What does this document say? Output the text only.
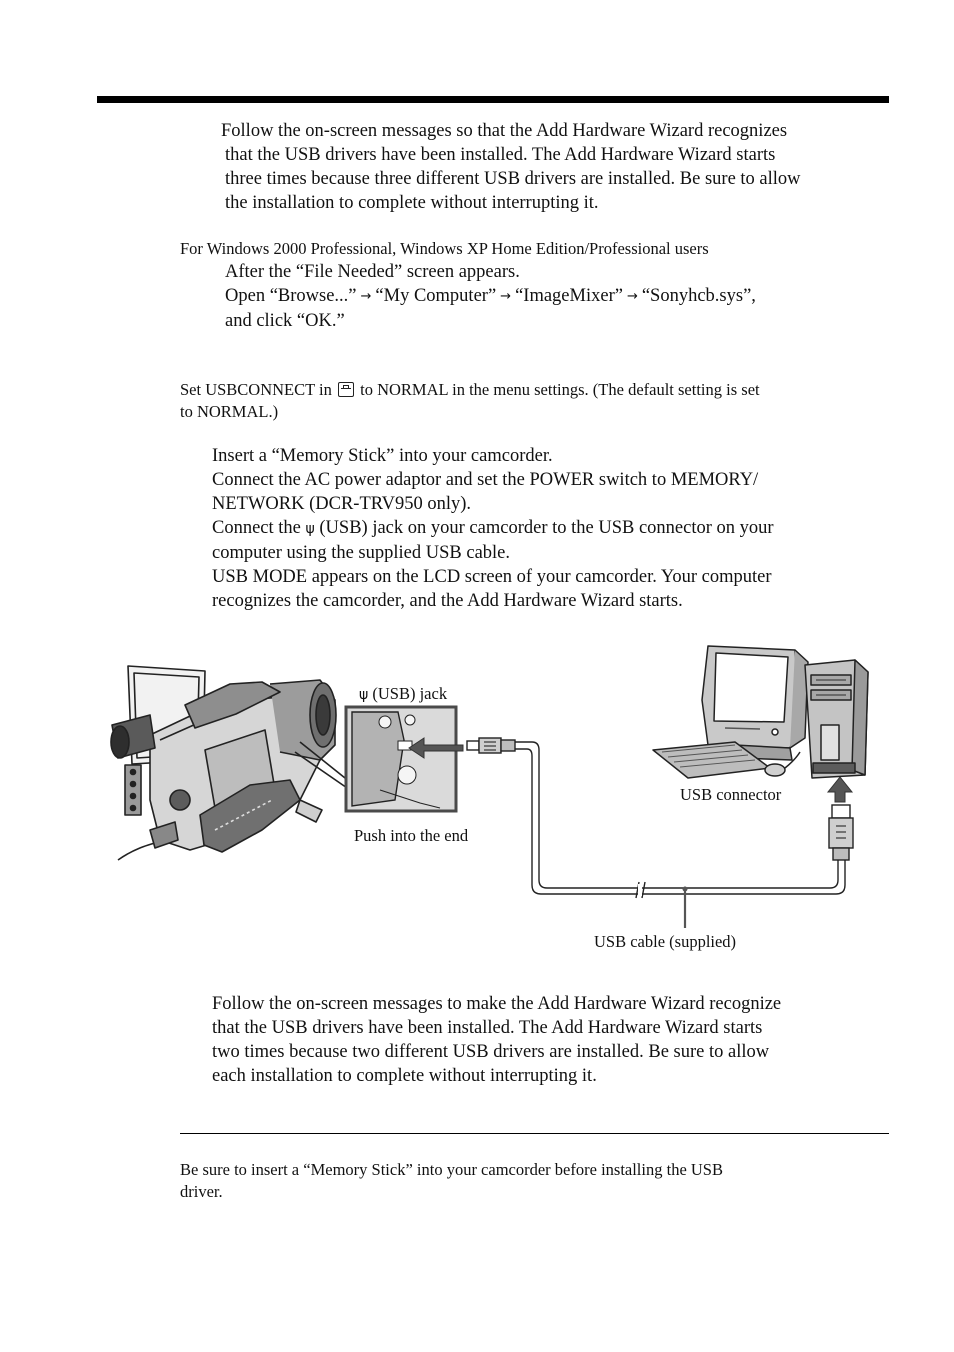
Follow the on-screen messages so that the Add Hardware Wizard recognizes
that the USB drivers have been installed. The Add Hardware Wizard starts
three times because three different USB drivers are installed. Be sure to allow
the installation to complete without interrupting it.
For Windows 2000 Professional, Windows XP Home Edition/Professional users
After the “File Needed” screen appears.
Open “Browse...” → “My Computer” → “ImageMixer” → “Sonyhcb.sys”,
and click “OK.”
Set USBCONNECT in to NORMAL in the menu settings. (The default setting is set
to NORMAL.)
Insert a “Memory Stick” into your camcorder.
Connect the AC power adaptor and set the POWER switch to MEMORY/
NETWORK (DCR-TRV950 only).
Connect the ψ (USB) jack on your camcorder to the USB connector on your
computer using the supplied USB cable.
USB MODE appears on the LCD screen of your camcorder. Your computer
recognizes the camcorder, and the Add Hardware Wizard starts.
ψ (USB) jack
Push into the end
USB connector
USB cable (supplied)
Follow the on-screen messages to make the Add Hardware Wizard recognize
that the USB drivers have been installed. The Add Hardware Wizard starts
two times because two different USB drivers are installed. Be sure to allow
each installation to complete without interrupting it.
Be sure to insert a “Memory Stick” into your camcorder before installing the USB
driver.
